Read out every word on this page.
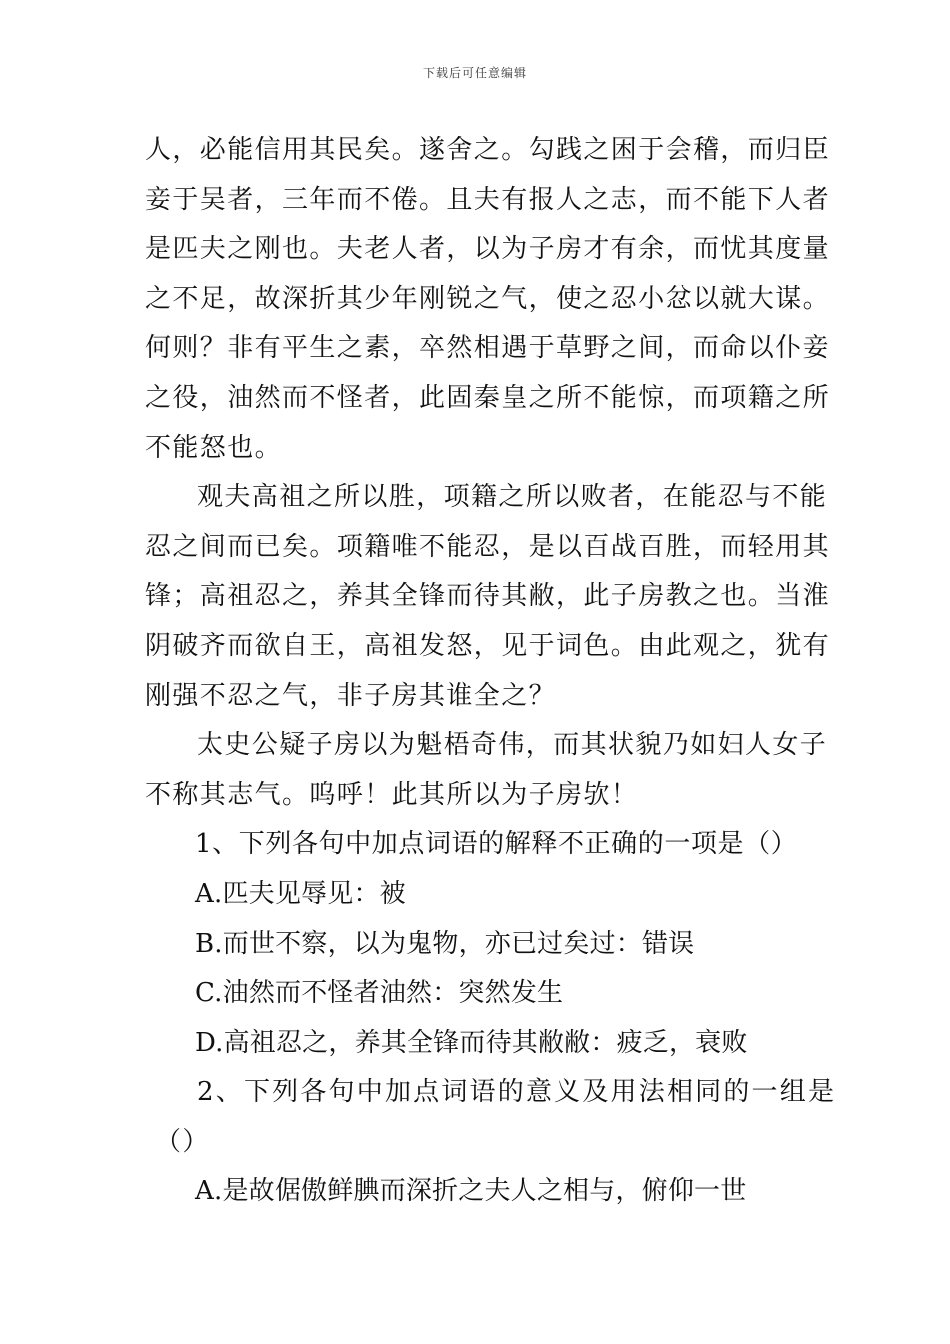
下载后可任意编辑
人，必能信用其民矣。遂舍之。勾践之困于会稽，而归臣
妾于吴者，三年而不倦。且夫有报人之志，而不能下人者
是匹夫之刚也。夫老人者，以为子房才有余，而忧其度量
之不足，故深折其少年刚锐之气，使之忍小忿以就大谋。
何则？非有平生之素，卒然相遇于草野之间，而命以仆妾
之役，油然而不怪者，此固秦皇之所不能惊，而项籍之所
不能怒也。
观夫高祖之所以胜，项籍之所以败者，在能忍与不能
忍之间而已矣。项籍唯不能忍，是以百战百胜，而轻用其
锋；高祖忍之，养其全锋而待其敝，此子房教之也。当淮
阴破齐而欲自王，高祖发怒，见于词色。由此观之，犹有
刚强不忍之气，非子房其谁全之？
太史公疑子房以为魁梧奇伟，而其状貌乃如妇人女子
不称其志气。呜呼！此其所以为子房欤！
1、下列各句中加点词语的解释不正确的一项是（）
A.匹夫见辱见：被
B.而世不察，以为鬼物，亦已过矣过：错误
C.油然而不怪者油然：突然发生
D.高祖忍之，养其全锋而待其敝敝：疲乏，衰败
2、下列各句中加点词语的意义及用法相同的一组是
（）
A.是故倨傲鲜腆而深折之夫人之相与，俯仰一世
